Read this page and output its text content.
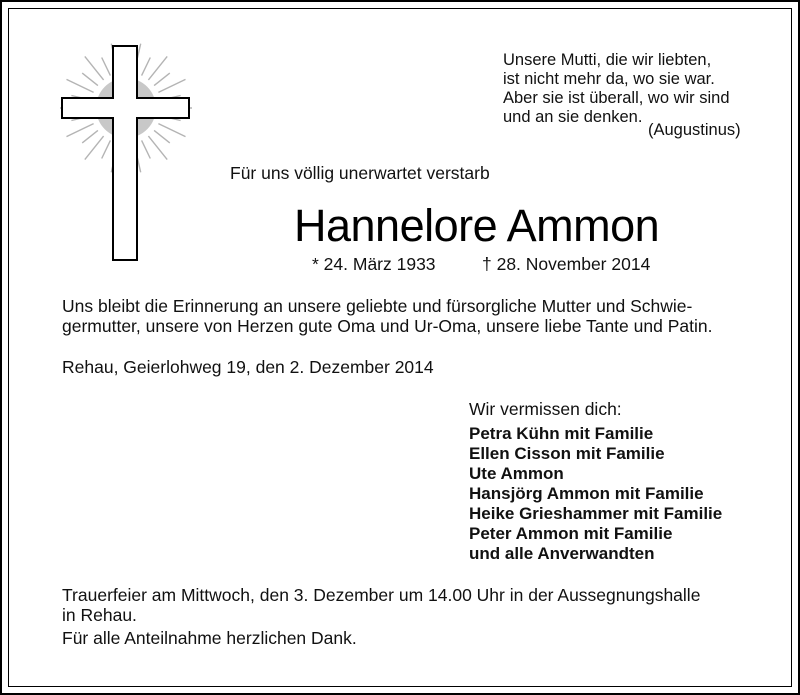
Unsere Mutti, die wir liebten,
ist nicht mehr da, wo sie war.
Aber sie ist überall, wo wir sind
und an sie denken.
(Augustinus)
Für uns völlig unerwartet verstarb
Hannelore Ammon
* 24. März 1933	† 28. November 2014
Uns bleibt die Erinnerung an unsere geliebte und fürsorgliche Mutter und Schwie-
germutter, unsere von Herzen gute Oma und Ur-Oma, unsere liebe Tante und Patin.
Rehau, Geierlohweg 19, den 2. Dezember 2014
Wir vermissen dich:
Petra Kühn mit Familie
Ellen Cisson mit Familie
Ute Ammon
Hansjörg Ammon mit Familie
Heike Grieshammer mit Familie
Peter Ammon mit Familie
und alle Anverwandten
Trauerfeier am Mittwoch, den 3. Dezember um 14.00 Uhr in der Aussegnungshalle
in Rehau.
Für alle Anteilnahme herzlichen Dank.
